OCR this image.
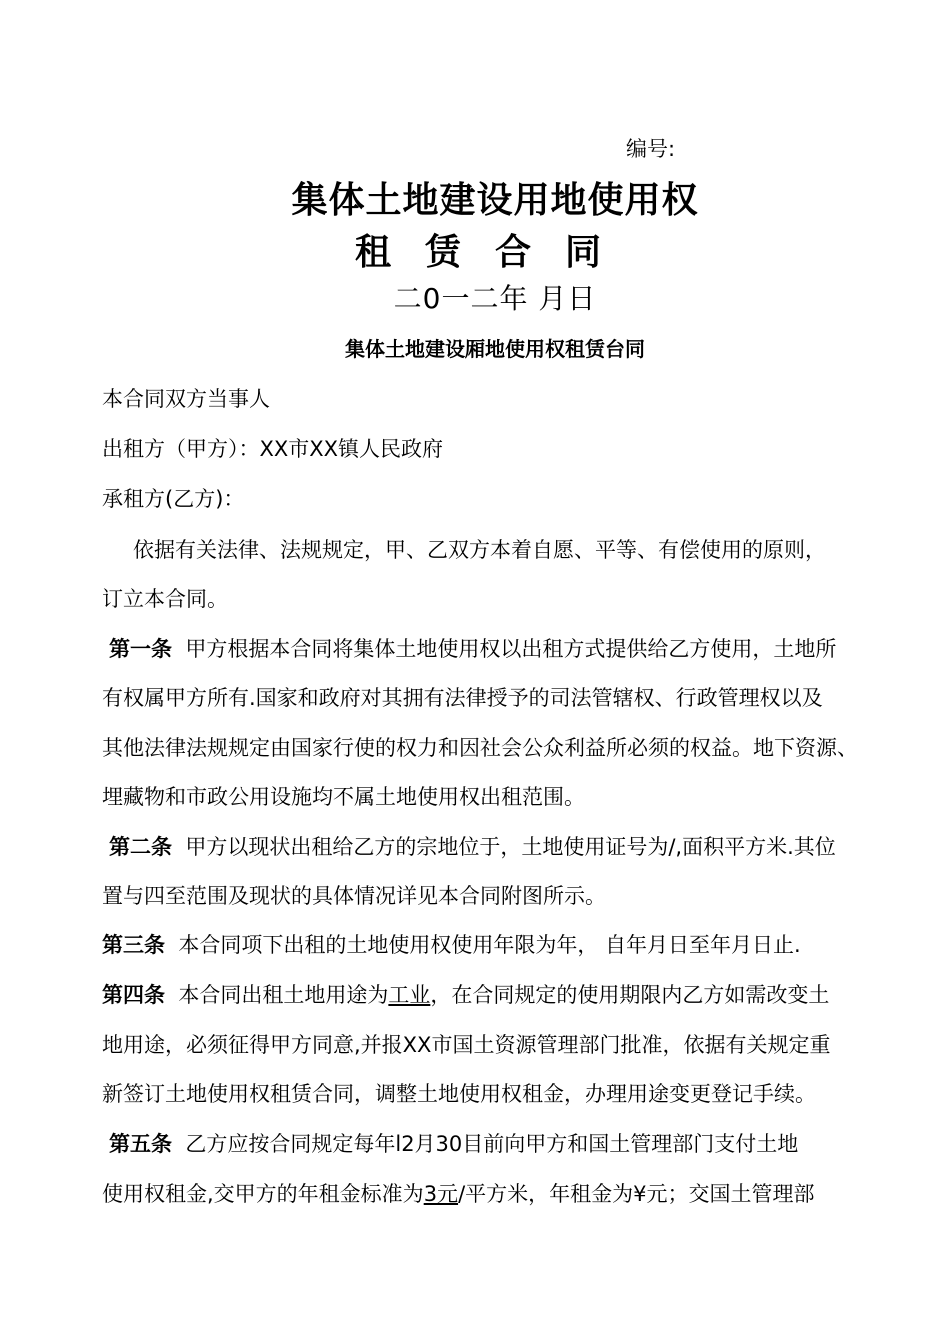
编号:
集体土地建设用地使用权
租赁合同
二0一二年 月日
集体土地建设厢地使用权租赁台同
本合同双方当事人
出租方（甲方）：XX市XX镇人民政府
承租方(乙方)：
依据有关法律、法规规定，甲、乙双方本着自愿、平等、有偿使用的原则，
订立本合同。
第一条 甲方根据本合同将集体土地使用权以出租方式提供给乙方使用，土地所
有权属甲方所有.国家和政府对其拥有法律授予的司法管辖权、行政管理权以及
其他法律法规规定由国家行使的权力和因社会公众利益所必须的权益。地下资源、
埋藏物和市政公用设施均不属土地使用权出租范围。
第二条 甲方以现状出租给乙方的宗地位于，土地使用证号为/,面积平方米.其位
置与四至范围及现状的具体情况详见本合同附图所示。
第三条 本合同项下出租的土地使用权使用年限为年， 自年月日至年月日止.
第四条 本合同出租土地用途为工业，在合同规定的使用期限内乙方如需改变土
地用途，必须征得甲方同意,并报XX市国土资源管理部门批准，依据有关规定重
新签订土地使用权租赁合同，调整土地使用权租金，办理用途变更登记手续。
第五条 乙方应按合同规定每年l2月30目前向甲方和国土管理部门支付土地
使用权租金,交甲方的年租金标准为3元/平方米，年租金为¥元；交国土管理部
